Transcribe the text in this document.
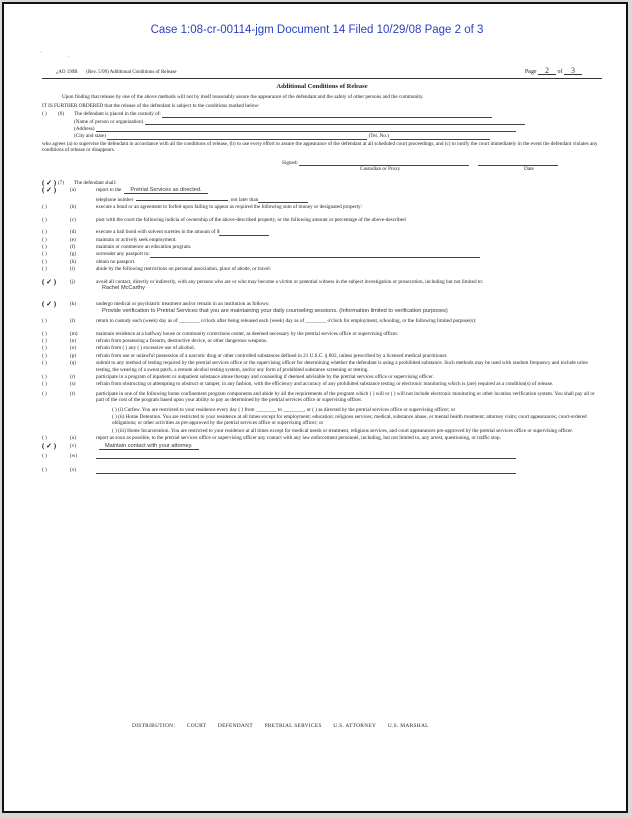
Case 1:08-cr-00114-jgm Document 14 Filed 10/29/08 Page 2 of 3
·
·
¿AO 199B (Rev. 5/99) Additional Conditions of Release	Page 2 of 3
Additional Conditions of Release
Upon finding that release by one of the above methods will not by itself reasonably assure the appearance of the defendant and the safety of other persons and the community.
IT IS FURTHER ORDERED that the release of the defendant is subject to the conditions marked below:
( )	(6)	The defendant is placed in the custody of:
(Name of person or organization)
(Address)
(City and state)	(Tel. No.)
who agrees (a) to supervise the defendant in accordance with all the conditions of release, (b) to use every effort to assure the appearance of the defendant at all scheduled court proceedings, and (c) to notify the court immediately in the event the defendant violates any conditions of release or disappears.
Signed:
Custodian or Proxy	Date
( ✓ ) (7)	The defendant shall:
( ✓ )	(a)	report to the Pretrial Services as directed.
telephone number	, not later than
( )	(b)	execute a bond or an agreement to forfeit upon failing to appear as required the following sum of money or designated property:
( )	(c)	post with the court the following indicia of ownership of the above-described property, or the following amount or percentage of the above-described
( )	(d)	execute a bail bond with solvent sureties in the amount of $
( )	(e)	maintain or actively seek employment.
( )	(f)	maintain or commence an education program.
( )	(g)	surrender any passport to:
( )	(h)	obtain no passport.
( )	(i)	abide by the following restrictions on personal association, place of abode, or travel:
( ✓ )	(j)	avoid all contact, directly or indirectly, with any persons who are or who may become a victim or potential witness in the subject investigation or prosecution, including but not limited to:
Rachel McCarthy
( ✓ )	(k)	undergo medical or psychiatric treatment and/or remain in an institution as follows:
Provide verification to Pretrial Services that you are maintaining your daily counseling sessions. (Information limited to verification purposes)
( )	(l)	return to custody each (week) day as of ________ o'clock after being released each (week) day as of ________ o'clock for employment, schooling, or the following limited purpose(s):
( )	(m)	maintain residence at a halfway house or community corrections center, as deemed necessary by the pretrial services office or supervising officer.
( )	(n)	refrain from possessing a firearm, destructive device, or other dangerous weapons.
( )	(o)	refrain from ( ) any ( ) excessive use of alcohol.
( )	(p)	refrain from use or unlawful possession of a narcotic drug or other controlled substances defined in 21 U.S.C. § 802, unless prescribed by a licensed medical practitioner.
( )	(q)	submit to any method of testing required by the pretrial services office or the supervising officer for determining whether the defendant is using a prohibited substance. Such methods may be used with random frequency and include urine testing, the wearing of a sweat patch, a remote alcohol testing system, and/or any form of prohibited substance screening or testing.
( )	(r)	participate in a program of inpatient or outpatient substance abuse therapy and counseling if deemed advisable by the pretrial services office or supervising officer.
( )	(s)	refrain from obstructing or attempting to obstruct or tamper, in any fashion, with the efficiency and accuracy of any prohibited substance testing or electronic monitoring which is (are) required as a condition(s) of release.
( )	(t)	participate in one of the following home confinement program components and abide by all the requirements of the program which ( ) will or ( ) will not include electronic monitoring or other location verification system. You shall pay all or part of the cost of the program based upon your ability to pay as determined by the pretrial services office or supervising officer.
( ) (i) Curfew. You are restricted to your residence every day ( ) from ________ to ________, or ( ) as directed by the pretrial services office or supervising officer; or
( ) (ii) Home Detention. You are restricted to your residence at all times except for employment; education; religious services; medical, substance abuse, or mental health treatment; attorney visits; court appearances; court-ordered obligations; or other activities as pre-approved by the pretrial services office or supervising officer; or
( ) (iii) Home Incarceration. You are restricted to your residence at all times except for medical needs or treatment, religious services, and court appearances pre-approved by the pretrial services office or supervising officer.
( )	(u)	report as soon as possible, to the pretrial services office or supervising officer any contact with any law enforcement personnel, including, but not limited to, any arrest, questioning, or traffic stop.
( ✓ )	(v)	Maintain contact with your attorney.
( )	(w)
( )	(x)
DISTRIBUTION: COURT DEFENDANT PRETRIAL SERVICES U.S. ATTORNEY U.S. MARSHAL
